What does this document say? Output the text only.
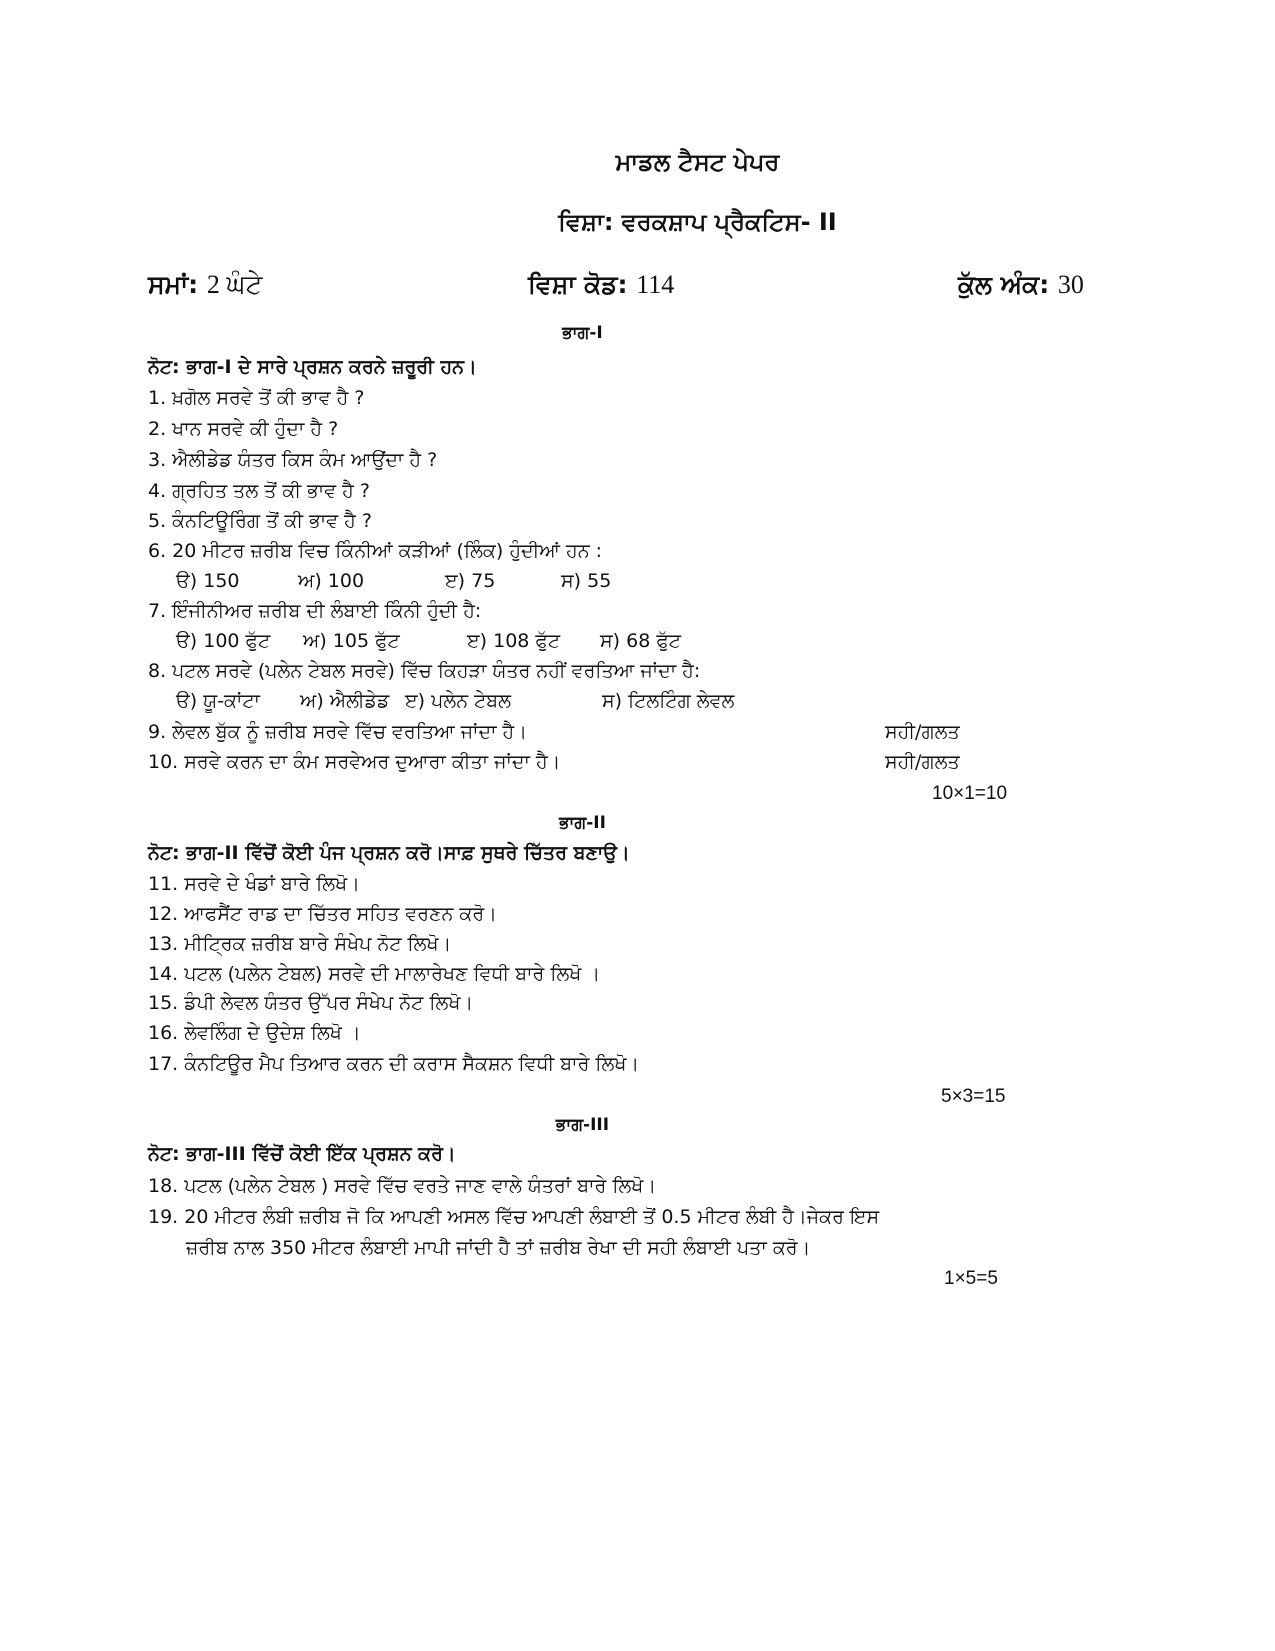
ਮਾਡਲ ਟੈਸਟ ਪੇਪਰ
ਵਿਸ਼ਾ: ਵਰਕਸ਼ਾਪ ਪ੍ਰੈਕਟਿਸ- II
ਸਮਾਂ: 2 ਘੰਟੇ	ਵਿਸ਼ਾ ਕੋਡ: 114	ਕੁੱਲ ਅੰਕ: 30
ਭਾਗ-I
ਨੋਟ: ਭਾਗ-I ਦੇ ਸਾਰੇ ਪ੍ਰਸ਼ਨ ਕਰਨੇ ਜ਼ਰੂਰੀ ਹਨ।
1. ਖ਼ਗੋਲ ਸਰਵੇ ਤੋਂ ਕੀ ਭਾਵ ਹੈ ?
2. ਖਾਨ ਸਰਵੇ ਕੀ ਹੁੰਦਾ ਹੈ ?
3. ਐਲੀਡੇਡ ਯੰਤਰ ਕਿਸ ਕੰਮ ਆਉਂਦਾ ਹੈ ?
4. ਗ੍ਰਹਿਤ ਤਲ ਤੋਂ ਕੀ ਭਾਵ ਹੈ ?
5. ਕੰਨਟਿਊਰਿੰਗ ਤੋਂ ਕੀ ਭਾਵ ਹੈ ?
6. 20 ਮੀਟਰ ਜ਼ਰੀਬ ਵਿਚ ਕਿੰਨੀਆਂ ਕੜੀਆਂ (ਲਿੰਕ) ਹੁੰਦੀਆਂ ਹਨ :
ੳ) 150	ਅ) 100	ੲ) 75	ਸ) 55
7. ਇੰਜੀਨੀਅਰ ਜ਼ਰੀਬ ਦੀ ਲੰਬਾਈ ਕਿੰਨੀ ਹੁੰਦੀ ਹੈ:
ੳ) 100 ਫੁੱਟ ਅ) 105 ਫੁੱਟ	ੲ) 108 ਫੁੱਟ ਸ) 68 ਫੁੱਟ
8. ਪਟਲ ਸਰਵੇ (ਪਲੇਨ ਟੇਬਲ ਸਰਵੇ) ਵਿੱਚ ਕਿਹੜਾ ਯੰਤਰ ਨਹੀਂ ਵਰਤਿਆ ਜਾਂਦਾ ਹੈ:
ੳ) ਯੂ-ਕਾਂਟਾ ਅ) ਐਲੀਡੇਡ ੲ) ਪਲੇਨ ਟੇਬਲ	ਸ) ਟਿਲਟਿੰਗ ਲੇਵਲ
9. ਲੇਵਲ ਬੁੱਕ ਨੂੰ ਜ਼ਰੀਬ ਸਰਵੇ ਵਿੱਚ ਵਰਤਿਆ ਜਾਂਦਾ ਹੈ।	ਸਹੀ/ਗਲਤ
10. ਸਰਵੇ ਕਰਨ ਦਾ ਕੰਮ ਸਰਵੇਅਰ ਦੁਆਰਾ ਕੀਤਾ ਜਾਂਦਾ ਹੈ।	ਸਹੀ/ਗਲਤ
10×1=10
ਭਾਗ-II
ਨੋਟ: ਭਾਗ-II ਵਿੱਚੋਂ ਕੋਈ ਪੰਜ ਪ੍ਰਸ਼ਨ ਕਰੋ।ਸਾਫ਼ ਸੁਥਰੇ ਚਿੱਤਰ ਬਣਾਉ।
11. ਸਰਵੇ ਦੇ ਖੰਡਾਂ ਬਾਰੇ ਲਿਖੋ।
12. ਆਫਸੈਂਟ ਰਾਡ ਦਾ ਚਿੱਤਰ ਸਹਿਤ ਵਰਣਨ ਕਰੋ।
13. ਮੀਟ੍ਰਿਕ ਜ਼ਰੀਬ ਬਾਰੇ ਸੰਖੇਪ ਨੋਟ ਲਿਖੋ।
14. ਪਟਲ (ਪਲੇਨ ਟੇਬਲ) ਸਰਵੇ ਦੀ ਮਾਲਾਰੇਖਣ ਵਿਧੀ ਬਾਰੇ ਲਿਖੋ ।
15. ਡੰਪੀ ਲੇਵਲ ਯੰਤਰ ਉੱਪਰ ਸੰਖੇਪ ਨੋਟ ਲਿਖੋ।
16. ਲੇਵਲਿੰਗ ਦੇ ਉਦੇਸ਼ ਲਿਖੋ ।
17. ਕੰਨਟਿਊਰ ਮੈਪ ਤਿਆਰ ਕਰਨ ਦੀ ਕਰਾਸ ਸੈਕਸ਼ਨ ਵਿਧੀ ਬਾਰੇ ਲਿਖੋ।
5×3=15
ਭਾਗ-III
ਨੋਟ: ਭਾਗ-III ਵਿੱਚੋਂ ਕੋਈ ਇੱਕ ਪ੍ਰਸ਼ਨ ਕਰੋ।
18. ਪਟਲ (ਪਲੇਨ ਟੇਬਲ ) ਸਰਵੇ ਵਿੱਚ ਵਰਤੇ ਜਾਣ ਵਾਲੇ ਯੰਤਰਾਂ ਬਾਰੇ ਲਿਖੋ।
19. 20 ਮੀਟਰ ਲੰਬੀ ਜ਼ਰੀਬ ਜੋ ਕਿ ਆਪਣੀ ਅਸਲ ਵਿੱਚ ਆਪਣੀ ਲੰਬਾਈ ਤੋਂ 0.5 ਮੀਟਰ ਲੰਬੀ ਹੈ।ਜੇਕਰ ਇਸ
ਜ਼ਰੀਬ ਨਾਲ 350 ਮੀਟਰ ਲੰਬਾਈ ਮਾਪੀ ਜਾਂਦੀ ਹੈ ਤਾਂ ਜ਼ਰੀਬ ਰੇਖਾ ਦੀ ਸਹੀ ਲੰਬਾਈ ਪਤਾ ਕਰੋ।
1×5=5
